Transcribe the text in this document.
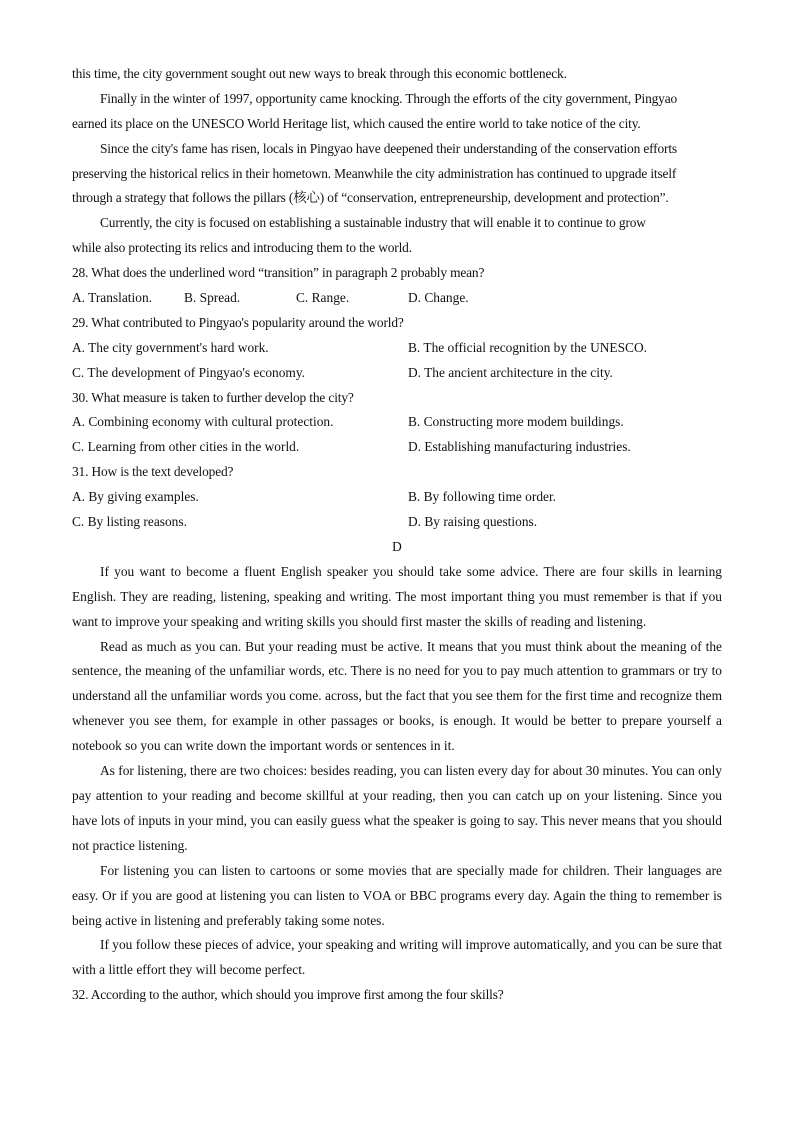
this time, the city government sought out new ways to break through this economic bottleneck.
Finally in the winter of 1997, opportunity came knocking. Through the efforts of the city government, Pingyao
earned its place on the UNESCO World Heritage list, which caused the entire world to take notice of the city.
Since the city's fame has risen, locals in Pingyao have deepened their understanding of the conservation efforts
preserving the historical relics in their hometown. Meanwhile the city administration has continued to upgrade itself
through a strategy that follows the pillars (核心) of “conservation, entrepreneurship, development and protection”.
Currently, the city is focused on establishing a sustainable industry that will enable it to continue to grow
while also protecting its relics and introducing them to the world.
28. What does the underlined word “transition” in paragraph 2 probably mean?
A. Translation. B. Spread.	C. Range.	D. Change.
29. What contributed to Pingyao's popularity around the world?
A. The city government's hard work.	B. The official recognition by the UNESCO.
C. The development of Pingyao's economy.	D. The ancient architecture in the city.
30. What measure is taken to further develop the city?
A. Combining economy with cultural protection.	B. Constructing more modem buildings.
C. Learning from other cities in the world.	D. Establishing manufacturing industries.
31. How is the text developed?
A. By giving examples.	B. By following time order.
C. By listing reasons.	D. By raising questions.
D
If you want to become a fluent English speaker you should take some advice. There are four skills in learning English. They are reading, listening, speaking and writing. The most important thing you must remember is that if you want to improve your speaking and writing skills you should first master the skills of reading and listening.
Read as much as you can. But your reading must be active. It means that you must think about the meaning of the sentence, the meaning of the unfamiliar words, etc. There is no need for you to pay much attention to grammars or try to understand all the unfamiliar words you come. across, but the fact that you see them for the first time and recognize them whenever you see them, for example in other passages or books, is enough. It would be better to prepare yourself a notebook so you can write down the important words or sentences in it.
As for listening, there are two choices: besides reading, you can listen every day for about 30 minutes. You can only pay attention to your reading and become skillful at your reading, then you can catch up on your listening. Since you have lots of inputs in your mind, you can easily guess what the speaker is going to say. This never means that you should not practice listening.
For listening you can listen to cartoons or some movies that are specially made for children. Their languages are easy. Or if you are good at listening you can listen to VOA or BBC programs every day. Again the thing to remember is being active in listening and preferably taking some notes.
If you follow these pieces of advice, your speaking and writing will improve automatically, and you can be sure that with a little effort they will become perfect.
32. According to the author, which should you improve first among the four skills?
